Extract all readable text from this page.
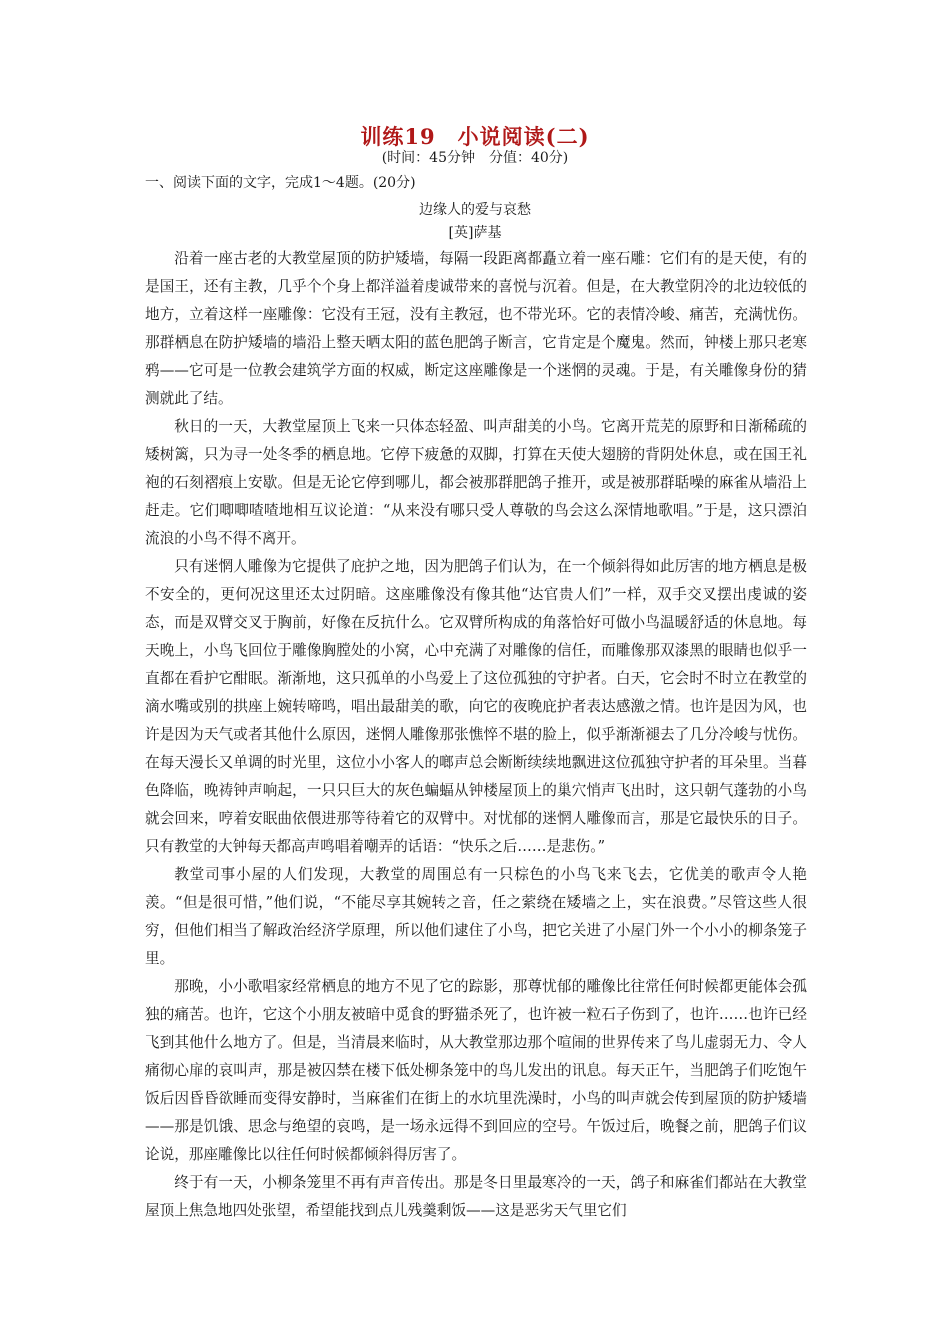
训练19　小说阅读(二)
(时间：45分钟　分值：40分)
一、阅读下面的文字，完成1～4题。(20分)
边缘人的爱与哀愁
[英]萨基

沿着一座古老的大教堂屋顶的防护矮墙，每隔一段距离都矗立着一座石雕：它们有的是天使，有的是国王，还有主教，几乎个个身上都洋溢着虔诚带来的喜悦与沉着。但是，在大教堂阴冷的北边较低的地方，立着这样一座雕像：它没有王冠，没有主教冠，也不带光环。它的表情冷峻、痛苦，充满忧伤。那群栖息在防护矮墙的墙沿上整天晒太阳的蓝色肥鸽子断言，它肯定是个魔鬼。然而，钟楼上那只老寒鸦——它可是一位教会建筑学方面的权威，断定这座雕像是一个迷惘的灵魂。于是，有关雕像身份的猜测就此了结。

秋日的一天，大教堂屋顶上飞来一只体态轻盈、叫声甜美的小鸟。它离开荒芜的原野和日渐稀疏的矮树篱，只为寻一处冬季的栖息地。它停下疲惫的双脚，打算在天使大翅膀的背阴处休息，或在国王礼袍的石刻褶痕上安歇。但是无论它停到哪儿，都会被那群肥鸽子推开，或是被那群聒噪的麻雀从墙沿上赶走。它们唧唧喳喳地相互议论道：“从来没有哪只受人尊敬的鸟会这么深情地歌唱。”于是，这只漂泊流浪的小鸟不得不离开。

只有迷惘人雕像为它提供了庇护之地，因为肥鸽子们认为，在一个倾斜得如此厉害的地方栖息是极不安全的，更何况这里还太过阴暗。这座雕像没有像其他“达官贵人们”一样，双手交叉摆出虔诚的姿态，而是双臂交叉于胸前，好像在反抗什么。它双臂所构成的角落恰好可做小鸟温暖舒适的休息地。每天晚上，小鸟飞回位于雕像胸膛处的小窝，心中充满了对雕像的信任，而雕像那双漆黑的眼睛也似乎一直都在看护它酣眠。渐渐地，这只孤单的小鸟爱上了这位孤独的守护者。白天，它会时不时立在教堂的滴水嘴或别的拱座上婉转啼鸣，唱出最甜美的歌，向它的夜晚庇护者表达感激之情。也许是因为风，也许是因为天气或者其他什么原因，迷惘人雕像那张憔悴不堪的脸上，似乎渐渐褪去了几分冷峻与忧伤。在每天漫长又单调的时光里，这位小小客人的啷声总会断断续续地飘进这位孤独守护者的耳朵里。当暮色降临，晚祷钟声响起，一只只巨大的灰色蝙蝠从钟楼屋顶上的巢穴悄声飞出时，这只朝气蓬勃的小鸟就会回来，哼着安眠曲依偎进那等待着它的双臂中。对忧郁的迷惘人雕像而言，那是它最快乐的日子。只有教堂的大钟每天都高声鸣唱着嘲弄的话语：“快乐之后……是悲伤。”

教堂司事小屋的人们发现，大教堂的周围总有一只棕色的小鸟飞来飞去，它优美的歌声令人艳羡。“但是很可惜，”他们说，“不能尽享其婉转之音，任之萦绕在矮墙之上，实在浪费。”尽管这些人很穷，但他们相当了解政治经济学原理，所以他们逮住了小鸟，把它关进了小屋门外一个小小的柳条笼子里。

那晚，小小歌唱家经常栖息的地方不见了它的踪影，那尊忧郁的雕像比往常任何时候都更能体会孤独的痛苦。也许，它这个小朋友被暗中觅食的野猫杀死了，也许被一粒石子伤到了，也许……也许已经飞到其他什么地方了。但是，当清晨来临时，从大教堂那边那个喧闹的世界传来了鸟儿虚弱无力、令人痛彻心扉的哀叫声，那是被囚禁在楼下低处柳条笼中的鸟儿发出的讯息。每天正午，当肥鸽子们吃饱午饭后因昏昏欲睡而变得安静时，当麻雀们在街上的水坑里洗澡时，小鸟的叫声就会传到屋顶的防护矮墙——那是饥饿、思念与绝望的哀鸣，是一场永远得不到回应的空号。午饭过后，晚餐之前，肥鸽子们议论说，那座雕像比以往任何时候都倾斜得厉害了。

终于有一天，小柳条笼里不再有声音传出。那是冬日里最寒冷的一天，鸽子和麻雀们都站在大教堂屋顶上焦急地四处张望，希望能找到点儿残羹剩饭——这是恶劣天气里它们
